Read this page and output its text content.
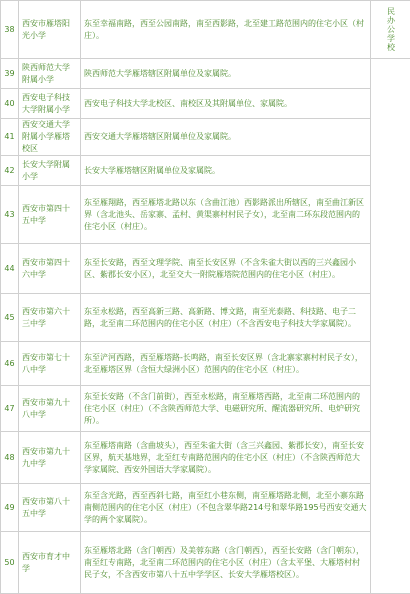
38	西安市雁塔阳光小学	东至幸福南路，西至公园南路，南至西影路，北至建工路范围内的住宅小区（村庄）。	民办公学校
39	陕西师范大学附属小学	陕西师范大学雁塔辖区附属单位及家属院。	
40	西安电子科技大学附属小学	西安电子科技大学北校区、南校区及其附属单位、家属院。	
41	西安交通大学附属小学雁塔校区	西安交通大学雁塔辖区附属单位及家属院。	
42	长安大学附属小学	长安大学雁塔辖区附属单位及家属院。	
43	西安市第四十五中学	东至雁翔路，西至雁塔北路以东（含曲江池）西影路派出所辖区，南至曲江新区界（含北池头、岳家寨、孟村、黄渠寨村村民子女），北至南二环东段范围内的住宅小区（村庄）。	
44	西安市第四十六中学	东至长安路，西至文理学院、南至长安区界（不含朱雀大街以西的三兴鑫园小区、紫郡长安小区），北至交大一附院雁塔院范围内的住宅小区（村庄）。	
45	西安市第六十三中学	东至永松路，西至高新三路、高新路、博文路，南至光泰路、科技路、电子二路，北至南二环范围内的住宅小区（村庄）（不含西安电子科技大学家属院）。	
46	西安市第七十八中学	东至浐河西路，西至雁塔路-长鸣路，南至长安区界（含北寨家寨村村民子女），北至雁塔区界（含恒大绿洲小区）范围内的住宅小区（村庄）。	
47	西安市第九十八中学	东至长安路（不含门前街），西至永松路，南至雁塔西路，北至南二环范围内的住宅小区（村庄）（不含陕西师范大学、电磁研究所、醒流器研究所、电炉研究所）。	
48	西安市第九十九中学	东至雁塔南路（含曲坡头），西至朱雀大街（含三兴鑫园、紫郡长安），南至长安区界，航天基地界，北至红专南路范围内的住宅小区（村庄）（不含陕西师范大学家属院、西安外国语大学家属院）。	
49	西安市第八十五中学	东至含光路，西至西斜七路，南至红小巷东侧，南至雁塔路北侧，北至小寨东路南侧范围内的住宅小区（村庄）（不包含翠华路214号和翠华路195号西安交通大学的两个家属院）。	
50	西安市育才中学	东至雁塔北路（含门朝西）及美蓉东路（含门朝西），西至长安路（含门朝东），南至红专南路，北至南二环范围内的住宅小区（村庄）（含太平堡、大雁塔村村民子女，不含西安市第八十五中学学区、长安大学雁塔校区）。	
